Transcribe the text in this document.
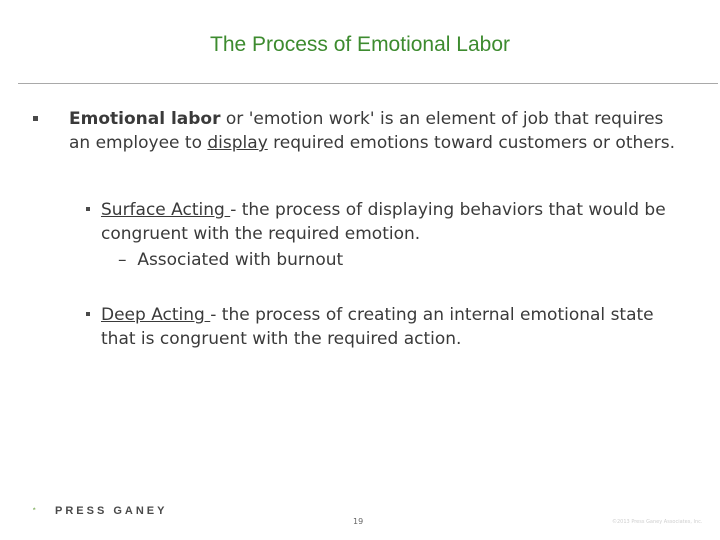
The Process of Emotional Labor
Emotional labor or 'emotion work' is an element of job that requires
an employee to display required emotions toward customers or others.
Surface Acting - the process of displaying behaviors that would be
congruent with the required emotion.
– Associated with burnout
Deep Acting - the process of creating an internal emotional state
that is congruent with the required action.
PRESS GANEY
19	©2013 Press Ganey Associates, Inc.
